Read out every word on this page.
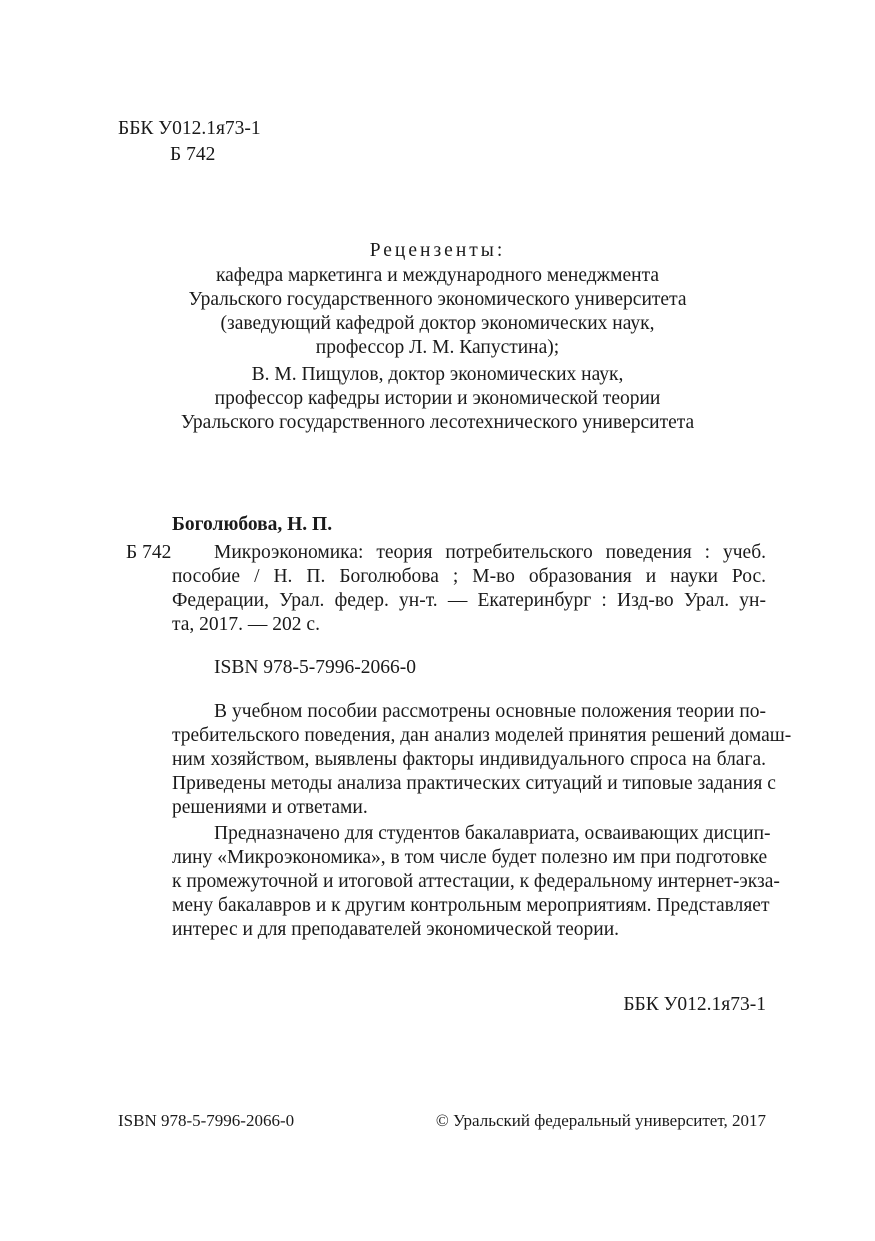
ББК У012.1я73-1
Б 742
Рецензенты:
кафедра маркетинга и международного менеджмента
Уральского государственного экономического университета
(заведующий кафедрой доктор экономических наук,
профессор Л. М. Капустина);
В. М. Пищулов, доктор экономических наук,
профессор кафедры истории и экономической теории
Уральского государственного лесотехнического университета
Боголюбова, Н. П.
Б 742 Микроэкономика: теория потребительского поведения : учеб.
пособие / Н. П. Боголюбова ; М-во образования и науки Рос.
Федерации, Урал. федер. ун-т. — Екатеринбург : Изд-во Урал. ун-
та, 2017. — 202 с.
ISBN 978-5-7996-2066-0
В учебном пособии рассмотрены основные положения теории по-
требительского поведения, дан анализ моделей принятия решений домаш-
ним хозяйством, выявлены факторы индивидуального спроса на блага.
Приведены методы анализа практических ситуаций и типовые задания с
решениями и ответами.
Предназначено для студентов бакалавриата, осваивающих дисцип-
лину «Микроэкономика», в том числе будет полезно им при подготовке
к промежуточной и итоговой аттестации, к федеральному интернет-экза-
мену бакалавров и к другим контрольным мероприятиям. Представляет
интерес и для преподавателей экономической теории.
ББК У012.1я73-1
ISBN 978-5-7996-2066-0	© Уральский федеральный университет, 2017
